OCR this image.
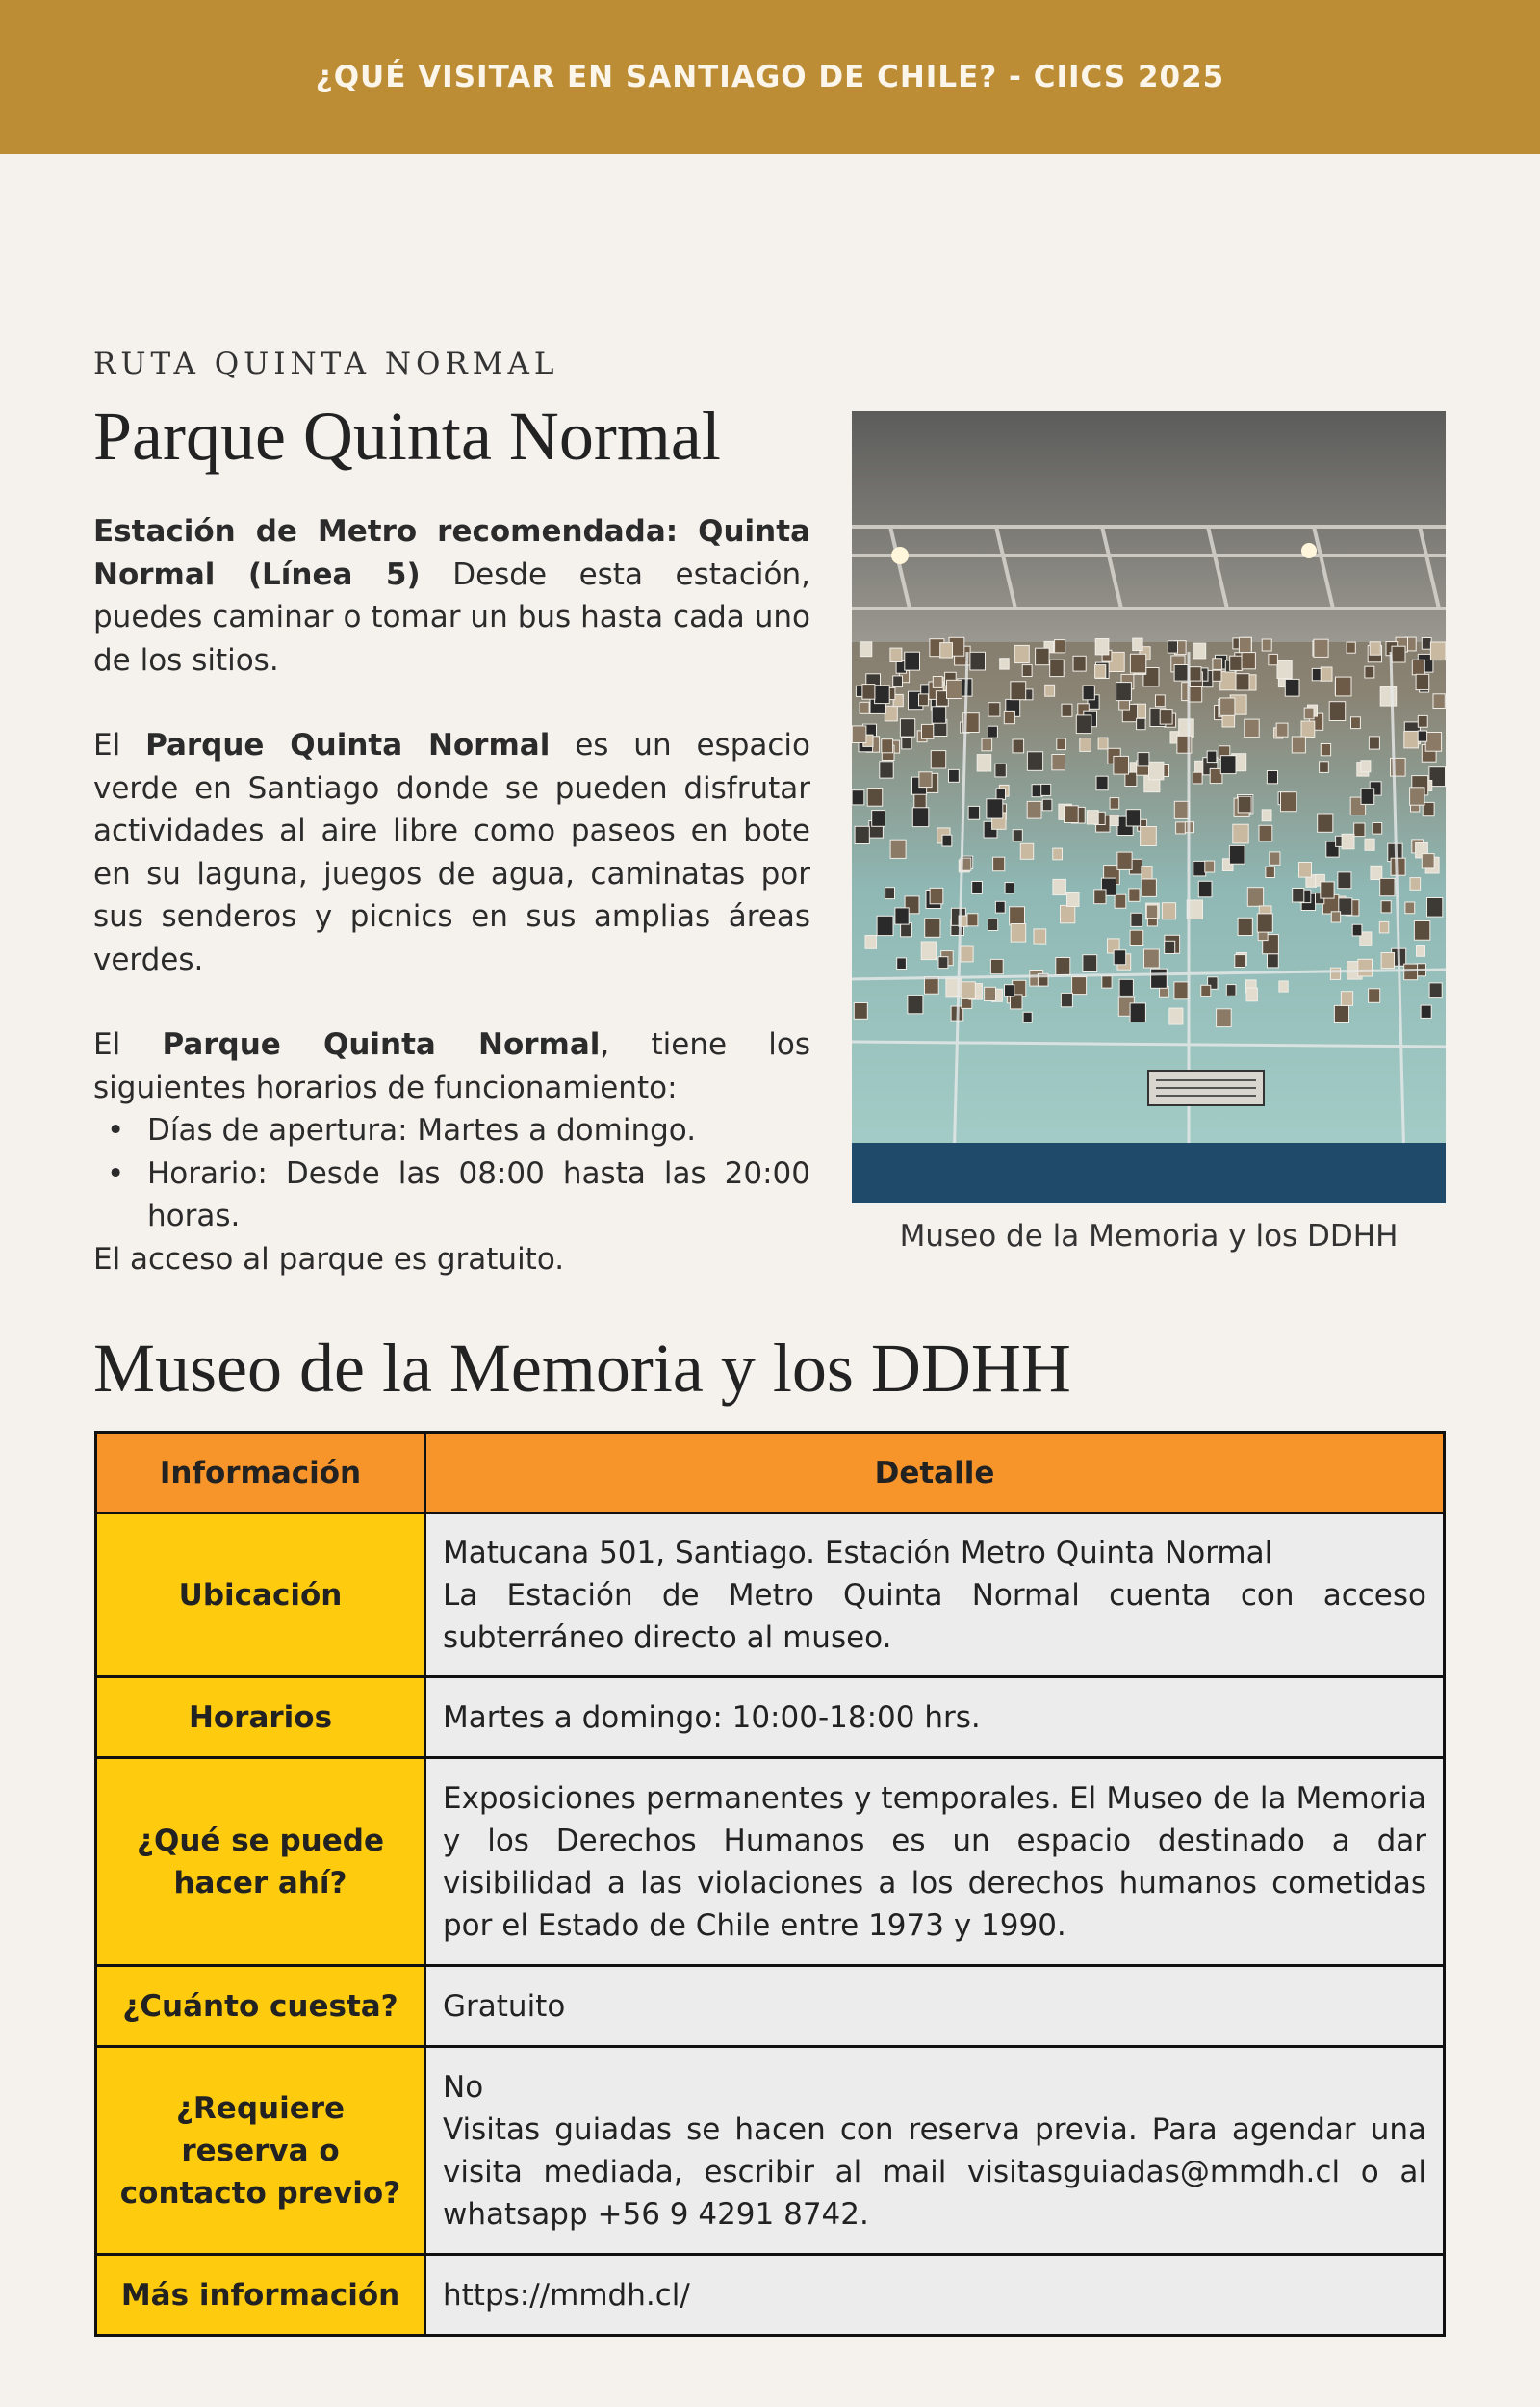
¿QUÉ VISITAR EN SANTIAGO DE CHILE? - CIICS 2025
RUTA QUINTA NORMAL
Parque Quinta Normal

Estación de Metro recomendada: Quinta Normal (Línea 5) Desde esta estación, puedes caminar o tomar un bus hasta cada uno de los sitios.

El Parque Quinta Normal es un espacio verde en Santiago donde se pueden disfrutar actividades al aire libre como paseos en bote en su laguna, juegos de agua, caminatas por sus senderos y picnics en sus amplias áreas verdes.

El Parque Quinta Normal, tiene los siguientes horarios de funcionamiento:

• Días de apertura: Martes a domingo.
• Horario: Desde las 08:00 hasta las 20:00 horas.

El acceso al parque es gratuito.

Museo de la Memoria y los DDHH
Museo de la Memoria y los DDHH
Información	Detalle
Ubicación	Matucana 501, Santiago. Estación Metro Quinta Normal
La Estación de Metro Quinta Normal cuenta con acceso subterráneo directo al museo.

Horarios	Martes a domingo: 10:00-18:00 hrs.

¿Qué se puede hacer ahí?	Exposiciones permanentes y temporales. El Museo de la Memoria y los Derechos Humanos es un espacio destinado a dar visibilidad a las violaciones a los derechos humanos cometidas por el Estado de Chile entre 1973 y 1990.

¿Cuánto cuesta?	Gratuito

¿Requiere reserva o contacto previo?	No
Visitas guiadas se hacen con reserva previa. Para agendar una visita mediada, escribir al mail visitasguiadas@mmdh.cl o al whatsapp +56 9 4291 8742.

Más información	https://mmdh.cl/
